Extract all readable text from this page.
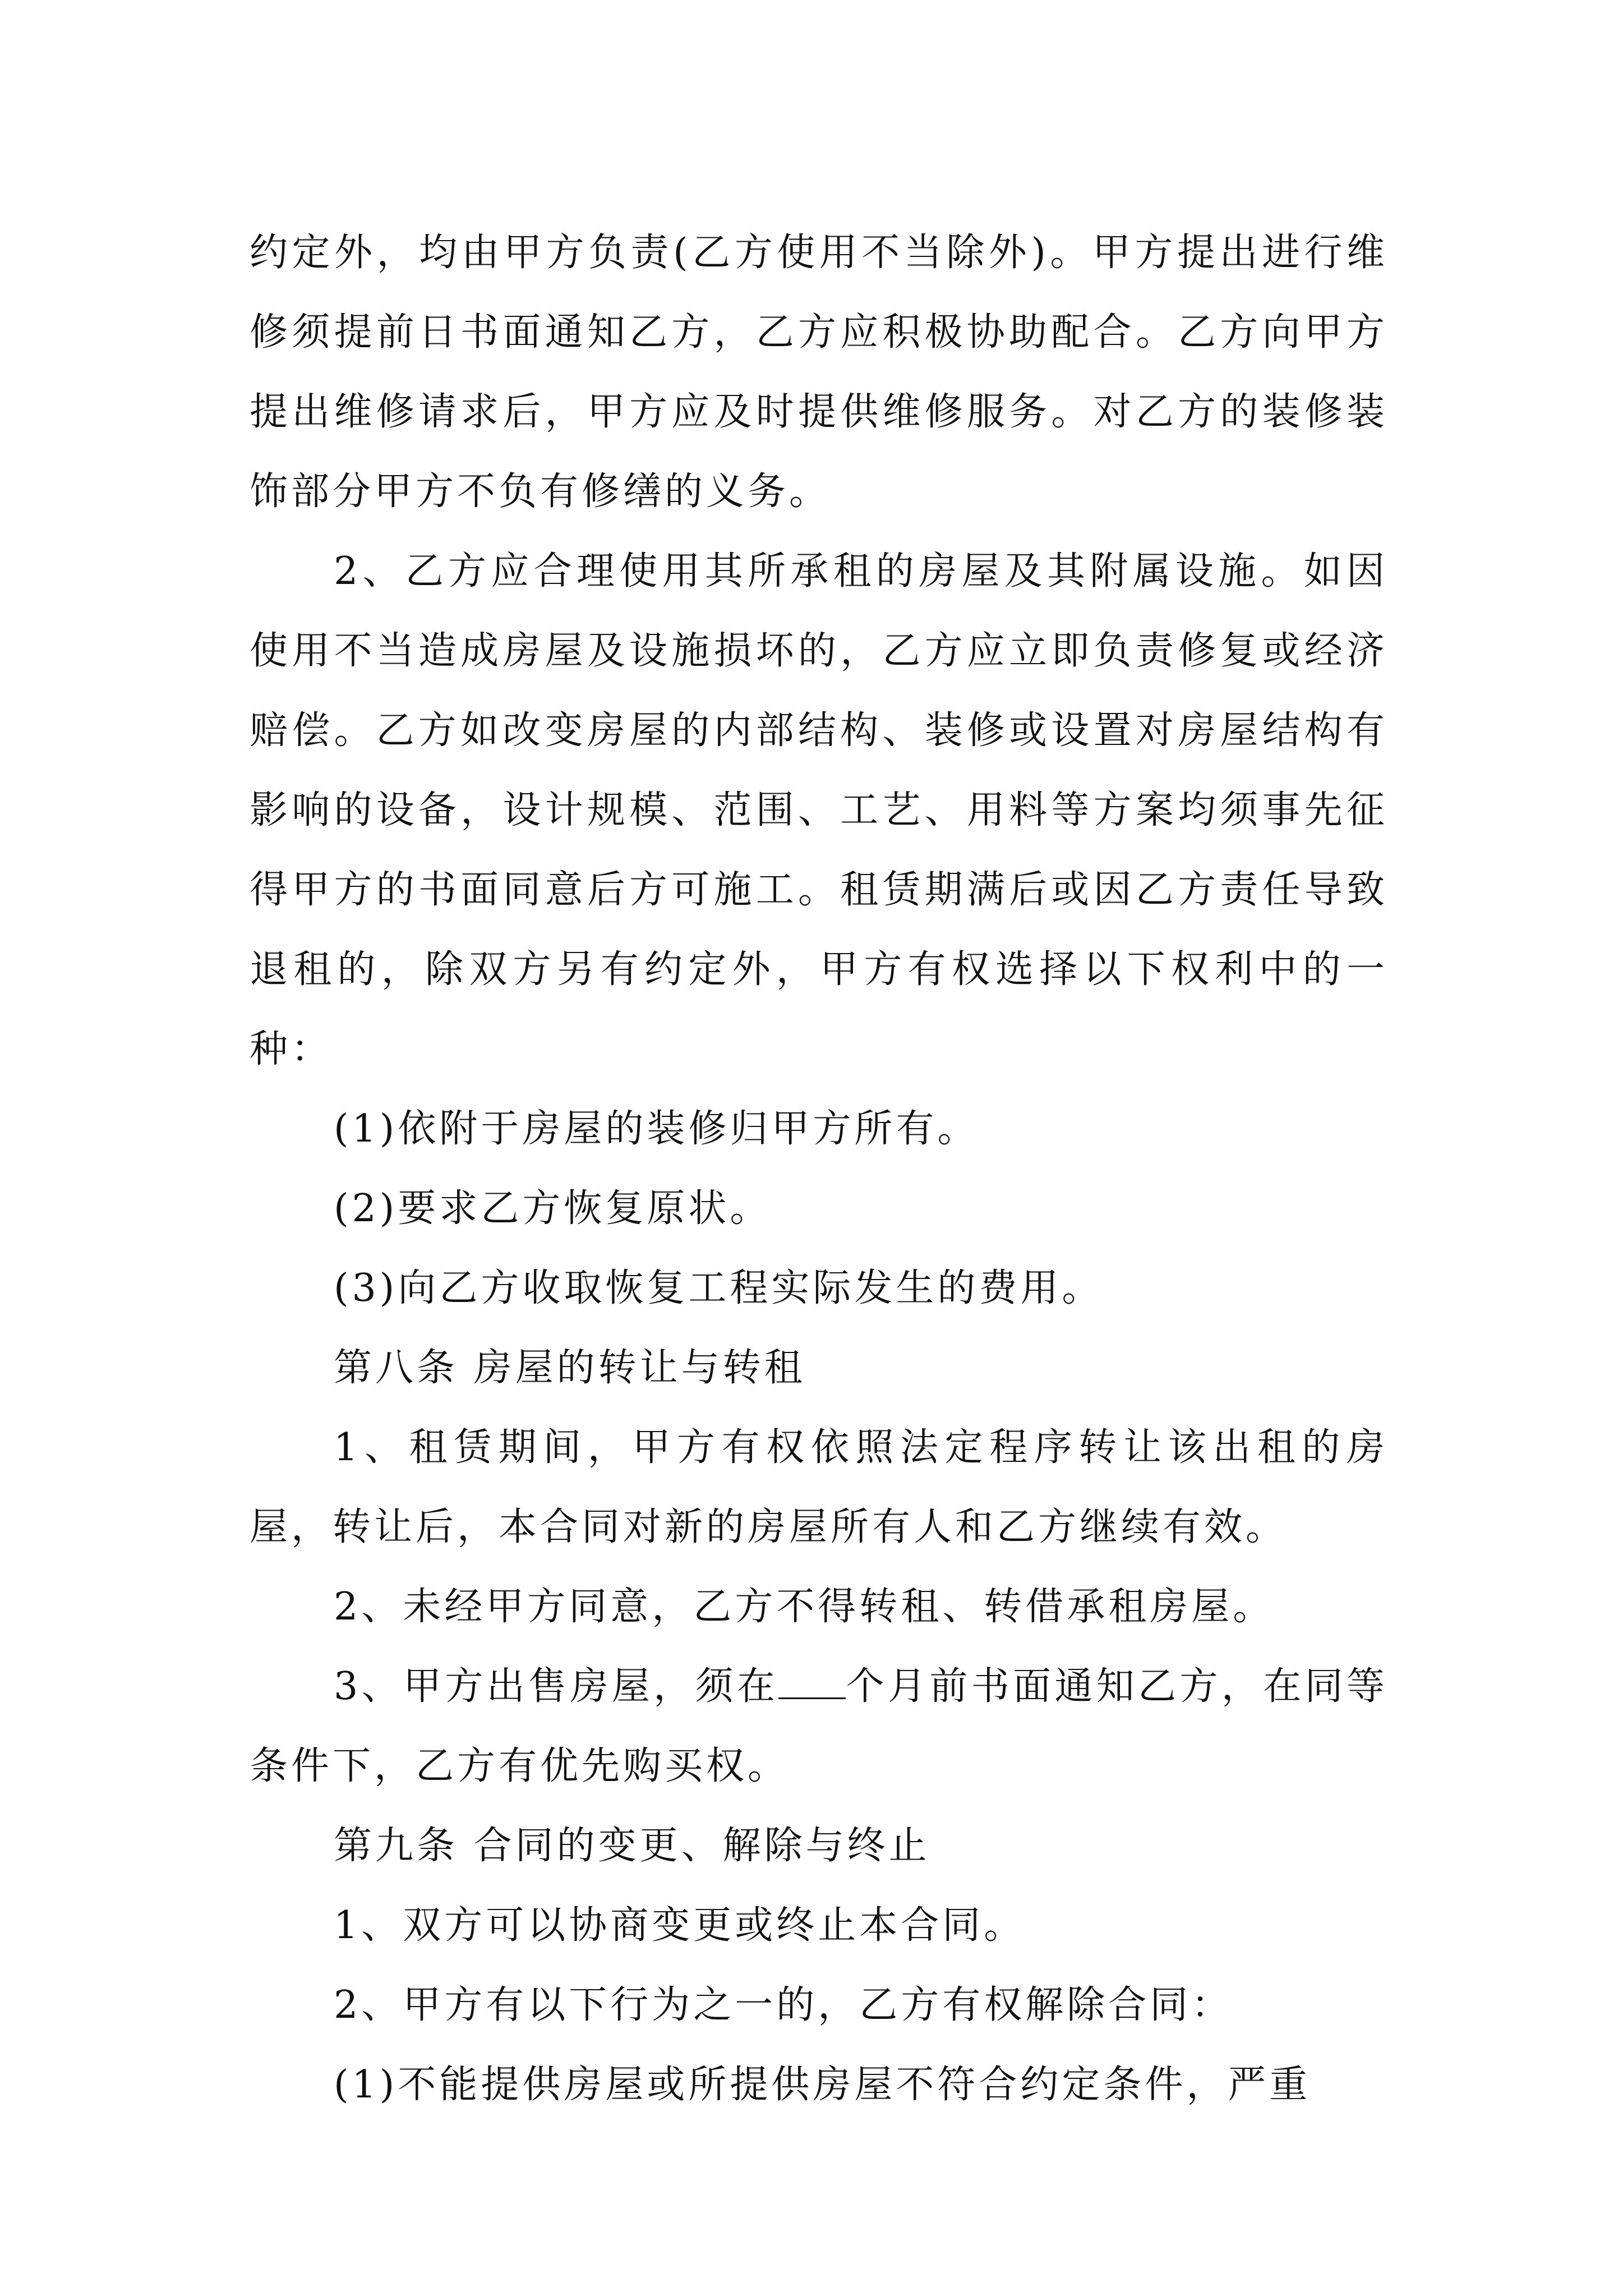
约定外，均由甲方负责(乙方使用不当除外)。甲方提出进行维修须提前日书面通知乙方，乙方应积极协助配合。乙方向甲方提出维修请求后，甲方应及时提供维修服务。对乙方的装修装饰部分甲方不负有修缮的义务。

2、乙方应合理使用其所承租的房屋及其附属设施。如因使用不当造成房屋及设施损坏的，乙方应立即负责修复或经济赔偿。乙方如改变房屋的内部结构、装修或设置对房屋结构有影响的设备，设计规模、范围、工艺、用料等方案均须事先征得甲方的书面同意后方可施工。租赁期满后或因乙方责任导致退租的，除双方另有约定外，甲方有权选择以下权利中的一种：

(1)依附于房屋的装修归甲方所有。

(2)要求乙方恢复原状。

(3)向乙方收取恢复工程实际发生的费用。

第八条 房屋的转让与转租

1、租赁期间，甲方有权依照法定程序转让该出租的房屋，转让后，本合同对新的房屋所有人和乙方继续有效。

2、未经甲方同意，乙方不得转租、转借承租房屋。

3、甲方出售房屋，须在 个月前书面通知乙方，在同等条件下，乙方有优先购买权。

第九条 合同的变更、解除与终止

1、双方可以协商变更或终止本合同。

2、甲方有以下行为之一的，乙方有权解除合同：

(1)不能提供房屋或所提供房屋不符合约定条件，严重
